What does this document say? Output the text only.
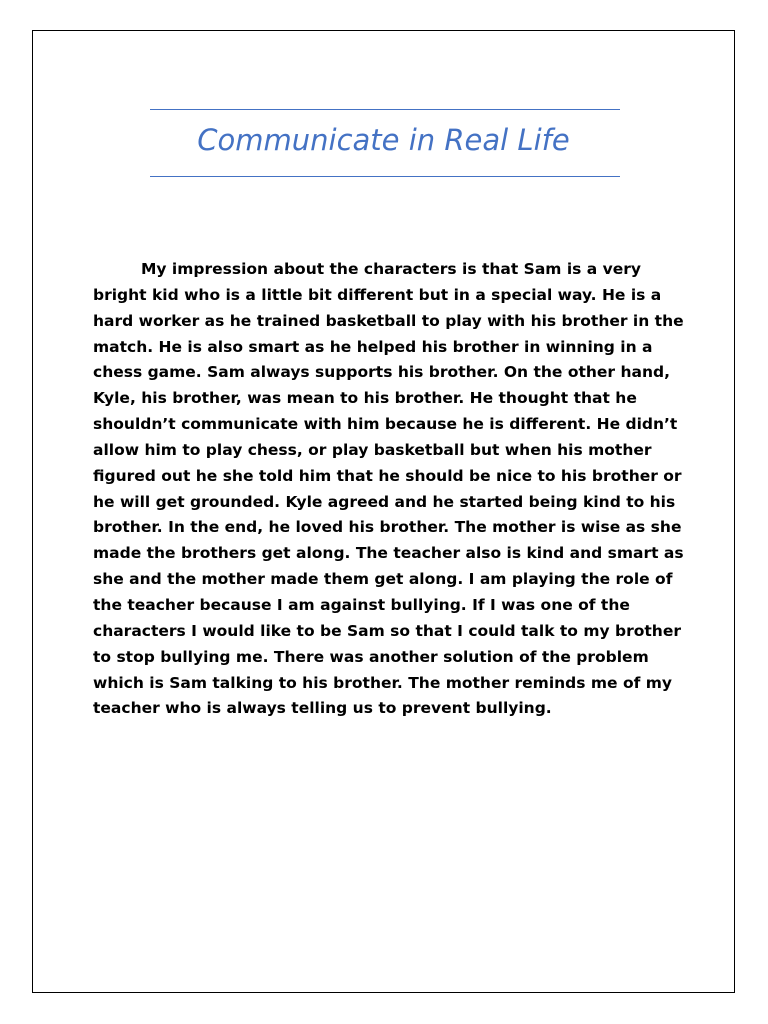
Communicate in Real Life
My impression about the characters is that Sam is a very
bright kid who is a little bit different but in a special way. He is a
hard worker as he trained basketball to play with his brother in the
match. He is also smart as he helped his brother in winning in a
chess game. Sam always supports his brother. On the other hand,
Kyle, his brother, was mean to his brother. He thought that he
shouldn’t communicate with him because he is different. He didn’t
allow him to play chess, or play basketball but when his mother
figured out he she told him that he should be nice to his brother or
he will get grounded. Kyle agreed and he started being kind to his
brother. In the end, he loved his brother. The mother is wise as she
made the brothers get along. The teacher also is kind and smart as
she and the mother made them get along. I am playing the role of
the teacher because I am against bullying. If I was one of the
characters I would like to be Sam so that I could talk to my brother
to stop bullying me. There was another solution of the problem
which is Sam talking to his brother. The mother reminds me of my
teacher who is always telling us to prevent bullying.
